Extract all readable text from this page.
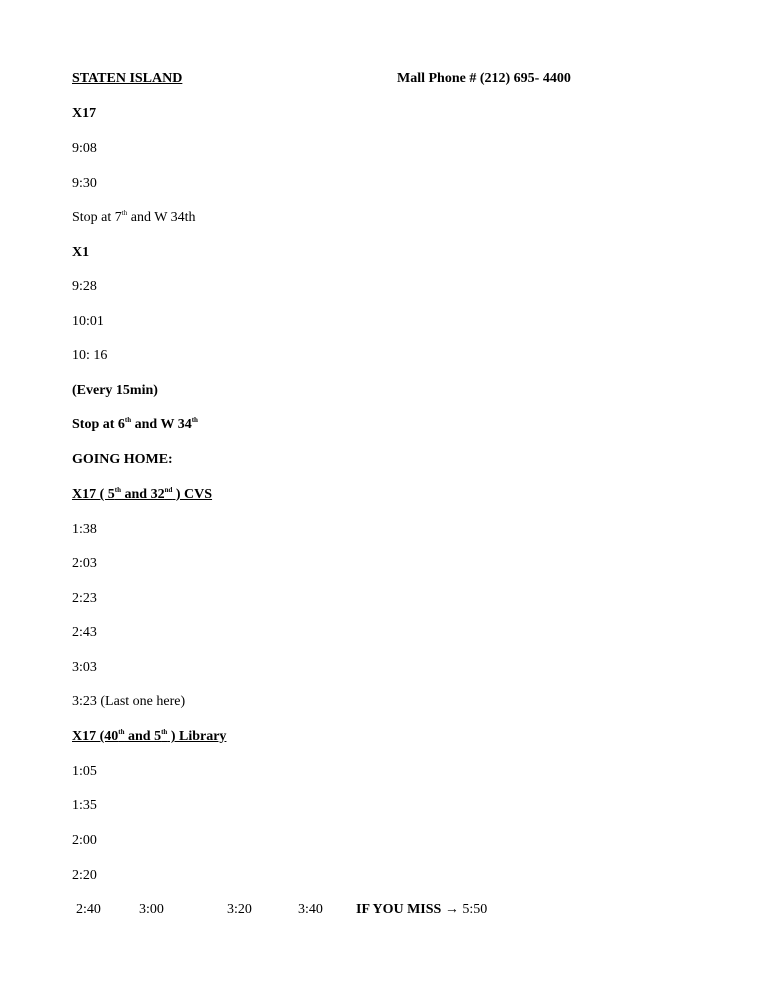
STATEN ISLAND	Mall Phone # (212) 695- 4400
X17
9:08
9:30
Stop at 7th and W 34th
X1
9:28
10:01
10: 16
(Every 15min)
Stop at 6th and W 34th
GOING HOME:
X17 ( 5th and 32nd ) CVS
1:38
2:03
2:23
2:43
3:03
3:23 (Last one here)
X17 (40th and 5th ) Library
1:05
1:35
2:00
2:20
2:40	3:00	3:20	3:40 IF YOU MISS → 5:50
